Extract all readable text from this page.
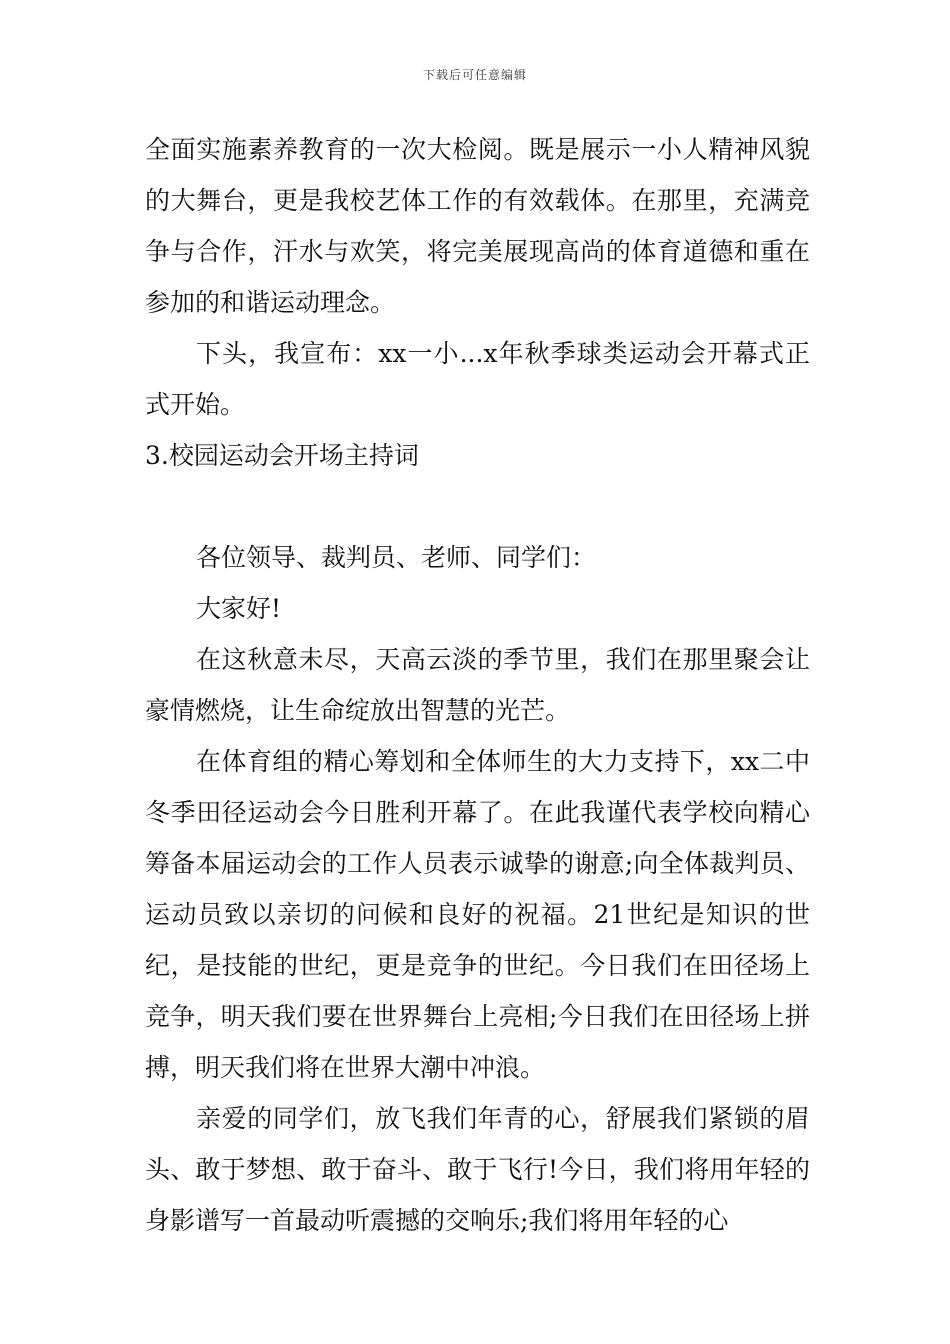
下载后可任意编辑

全面实施素养教育的一次大检阅。既是展示一小人精神风貌的大舞台，更是我校艺体工作的有效载体。在那里，充满竞争与合作，汗水与欢笑，将完美展现高尚的体育道德和重在参加的和谐运动理念。

下头，我宣布：xx一小...x年秋季球类运动会开幕式正式开始。

3.校园运动会开场主持词

各位领导、裁判员、老师、同学们：

大家好!

在这秋意未尽，天高云淡的季节里，我们在那里聚会让豪情燃烧，让生命绽放出智慧的光芒。

在体育组的精心筹划和全体师生的大力支持下，xx二中冬季田径运动会今日胜利开幕了。在此我谨代表学校向精心筹备本届运动会的工作人员表示诚挚的谢意;向全体裁判员、运动员致以亲切的问候和良好的祝福。21世纪是知识的世纪，是技能的世纪，更是竞争的世纪。今日我们在田径场上竞争，明天我们要在世界舞台上亮相;今日我们在田径场上拼搏，明天我们将在世界大潮中冲浪。

亲爱的同学们，放飞我们年青的心，舒展我们紧锁的眉头、敢于梦想、敢于奋斗、敢于飞行!今日，我们将用年轻的身影谱写一首最动听震撼的交响乐;我们将用年轻的心
